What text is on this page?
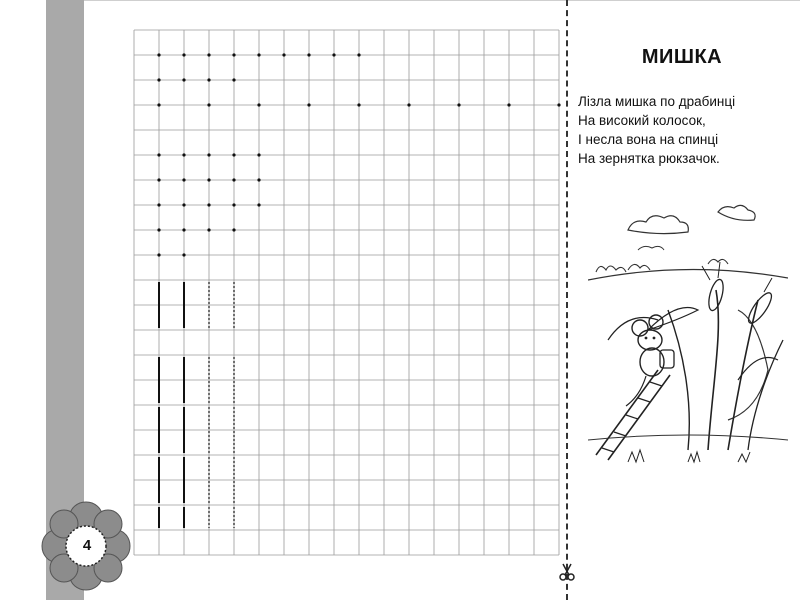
МИШКА
Лізла мишка по драбинці
На високий колосок,
І несла вона на спинці
На зернятка рюкзачок.
4
